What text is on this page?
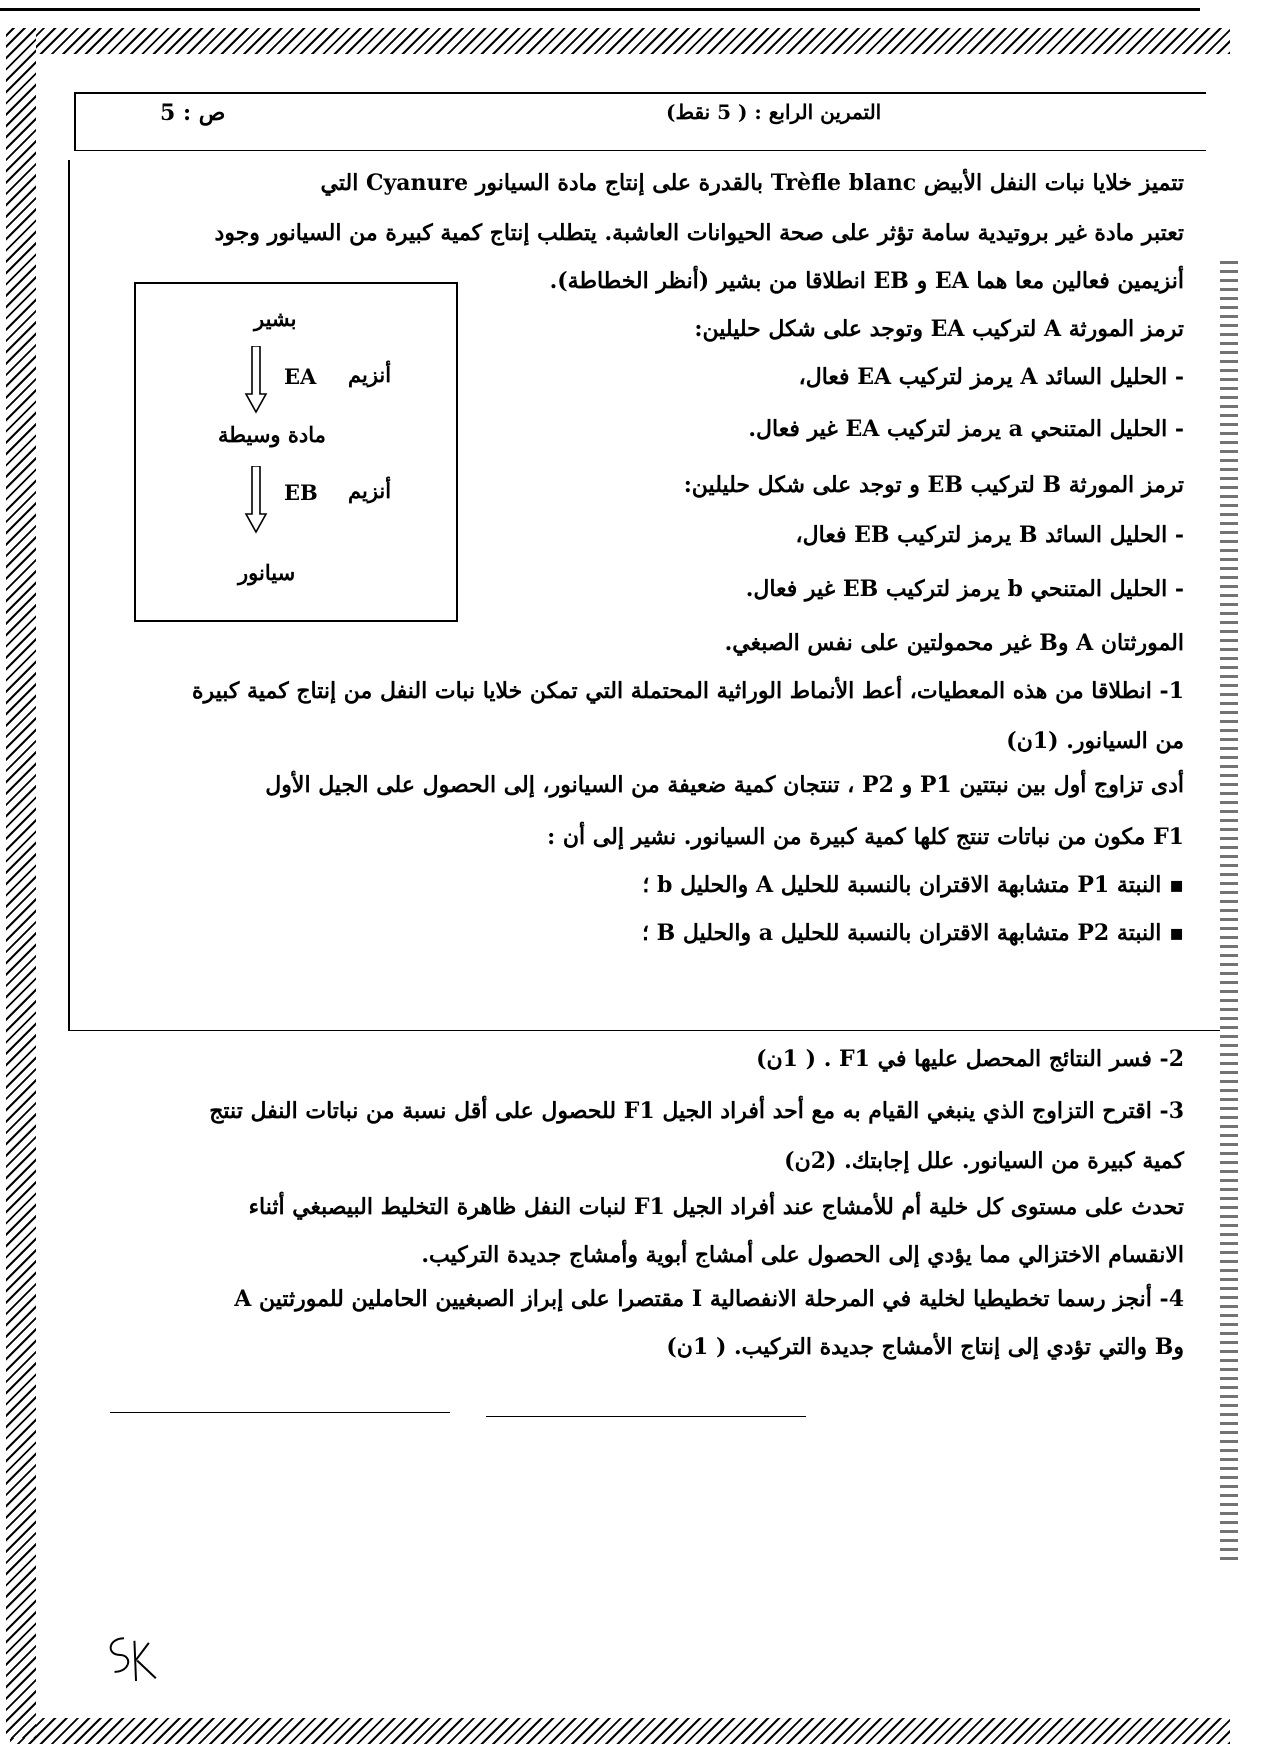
ص : 5	التمرين الرابع : ( 5 نقط)
بشير
EA أنزيم
مادة وسيطة
EB أنزيم
سيانور
تتميز خلايا نبات النفل الأبيض Trèfle blanc بالقدرة على إنتاج مادة السيانور Cyanure التي
تعتبر مادة غير بروتيدية سامة تؤثر على صحة الحيوانات العاشبة. يتطلب إنتاج كمية كبيرة من السيانور وجود
أنزيمين فعالين معا هما EA و EB انطلاقا من بشير (أنظر الخطاطة).
ترمز المورثة A لتركيب EA وتوجد على شكل حليلين:
- الحليل السائد A يرمز لتركيب EA فعال،
- الحليل المتنحي a يرمز لتركيب EA غير فعال.
ترمز المورثة B لتركيب EB و توجد على شكل حليلين:
- الحليل السائد B يرمز لتركيب EB فعال،
- الحليل المتنحي b يرمز لتركيب EB غير فعال.
المورثتان A وB غير محمولتين على نفس الصبغي.
1- انطلاقا من هذه المعطيات، أعط الأنماط الوراثية المحتملة التي تمكن خلايا نبات النفل من إنتاج كمية كبيرة
من السيانور. (1ن)
أدى تزاوج أول بين نبتتين P1 و P2 ، تنتجان كمية ضعيفة من السيانور، إلى الحصول على الجيل الأول
F1 مكون من نباتات تنتج كلها كمية كبيرة من السيانور. نشير إلى أن :
▪ النبتة P1 متشابهة الاقتران بالنسبة للحليل A والحليل b ؛
▪ النبتة P2 متشابهة الاقتران بالنسبة للحليل a والحليل B ؛
2- فسر النتائج المحصل عليها في F1 . ( 1ن)
3- اقترح التزاوج الذي ينبغي القيام به مع أحد أفراد الجيل F1 للحصول على أقل نسبة من نباتات النفل تنتج
كمية كبيرة من السيانور. علل إجابتك. (2ن)
تحدث على مستوى كل خلية أم للأمشاج عند أفراد الجيل F1 لنبات النفل ظاهرة التخليط البيصبغي أثناء
الانقسام الاختزالي مما يؤدي إلى الحصول على أمشاج أبوية وأمشاج جديدة التركيب.
4- أنجز رسما تخطيطيا لخلية في المرحلة الانفصالية I مقتصرا على إبراز الصبغيين الحاملين للمورثتين A
وB والتي تؤدي إلى إنتاج الأمشاج جديدة التركيب. ( 1ن)
